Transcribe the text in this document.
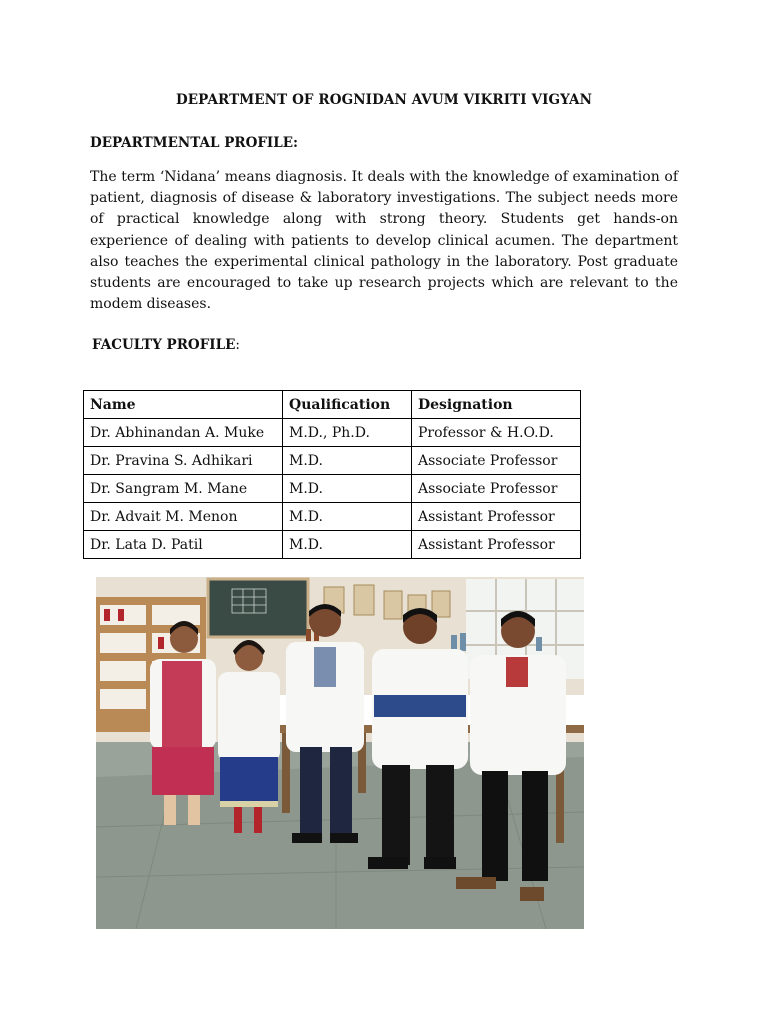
DEPARTMENT OF ROGNIDAN AVUM VIKRITI VIGYAN
DEPARTMENTAL PROFILE:

The term ‘Nidana’ means diagnosis. It deals with the knowledge of examination of patient, diagnosis of disease & laboratory investigations. The subject needs more of practical knowledge along with strong theory. Students get hands-on experience of dealing with patients to develop clinical acumen. The department also teaches the experimental clinical pathology in the laboratory. Post graduate students are encouraged to take up research projects which are relevant to the modem diseases.

FACULTY PROFILE:
Name	Qualification	Designation
Dr. Abhinandan A. Muke	M.D., Ph.D.	Professor & H.O.D.
Dr. Pravina S. Adhikari	M.D.	Associate Professor
Dr. Sangram M. Mane	M.D.	Associate Professor
Dr. Advait M. Menon	M.D.	Assistant Professor
Dr. Lata D. Patil	M.D.	Assistant Professor
